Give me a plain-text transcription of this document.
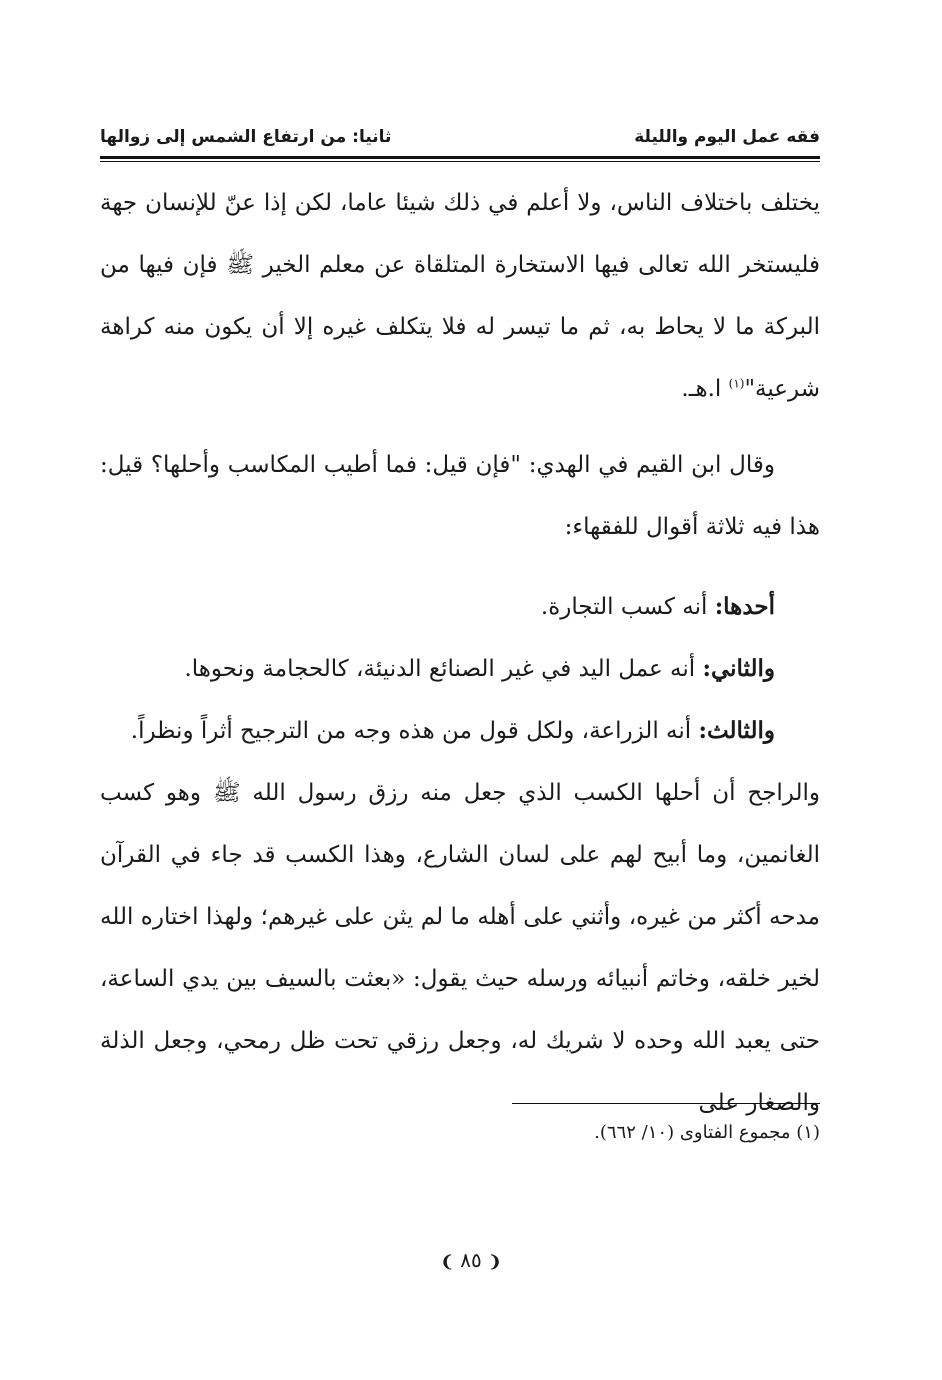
فقه عمل اليوم والليلة
ثانيا: من ارتفاع الشمس إلى زوالها

يختلف باختلاف الناس، ولا أعلم في ذلك شيئا عاما، لكن إذا عنّ للإنسان جهة فليستخر الله تعالى فيها الاستخارة المتلقاة عن معلم الخير ﷺ فإن فيها من البركة ما لا يحاط به، ثم ما تيسر له فلا يتكلف غيره إلا أن يكون منه كراهة شرعية"$^{(١)}$ ا.هـ.

وقال ابن القيم في الهدي: "فإن قيل: فما أطيب المكاسب وأحلها؟ قيل: هذا فيه ثلاثة أقوال للفقهاء:

أحدها: أنه كسب التجارة.

والثاني: أنه عمل اليد في غير الصنائع الدنيئة، كالحجامة ونحوها.

والثالث: أنه الزراعة، ولكل قول من هذه وجه من الترجيح أثراً ونظراً.

والراجح أن أحلها الكسب الذي جعل منه رزق رسول الله ﷺ وهو كسب الغانمين، وما أبيح لهم على لسان الشارع، وهذا الكسب قد جاء في القرآن مدحه أكثر من غيره، وأثني على أهله ما لم يثن على غيرهم؛ ولهذا اختاره الله لخير خلقه، وخاتم أنبيائه ورسله حيث يقول: «بعثت بالسيف بين يدي الساعة، حتى يعبد الله وحده لا شريك له، وجعل رزقي تحت ظل رمحي، وجعل الذلة والصغار على

(١) مجموع الفتاوى (١٠/ ٦٦٢).
❨ ٨٥ ❩
